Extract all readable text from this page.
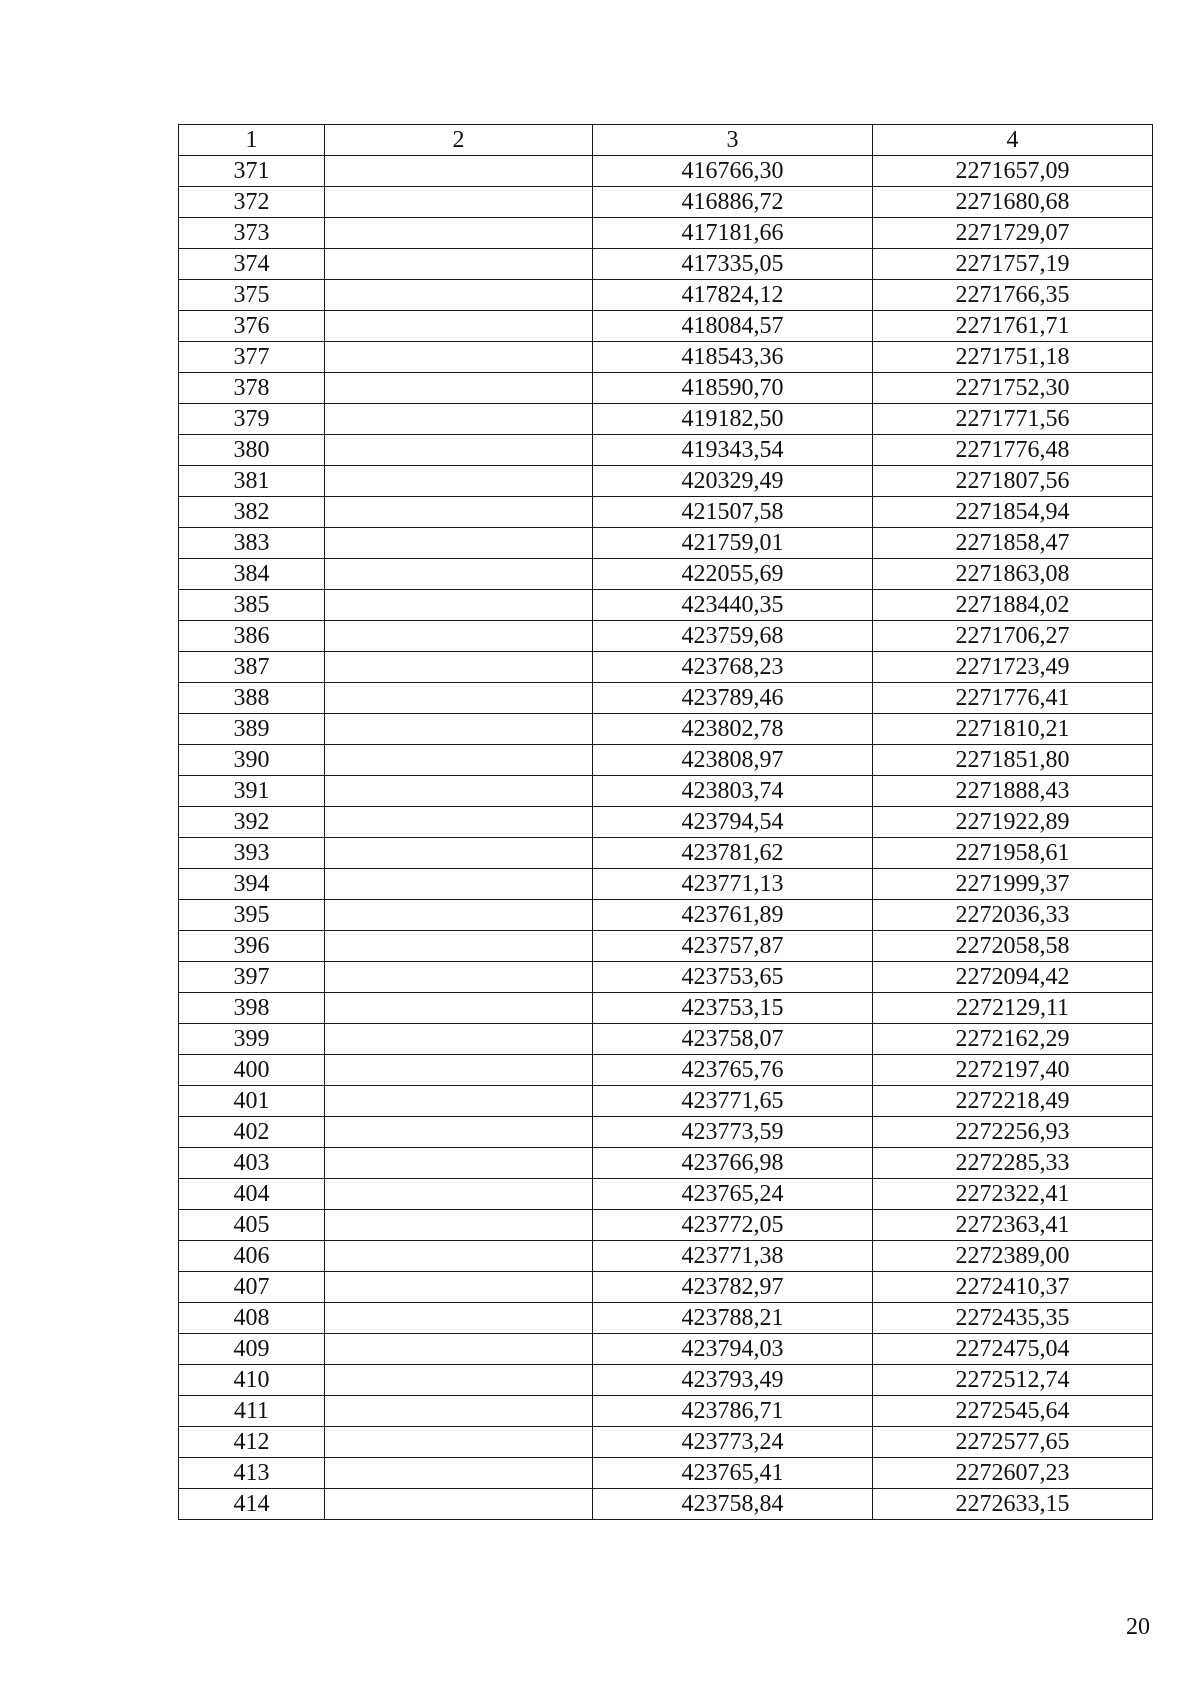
1	2	3	4
371		416766,30	2271657,09
372		416886,72	2271680,68
373		417181,66	2271729,07
374		417335,05	2271757,19
375		417824,12	2271766,35
376		418084,57	2271761,71
377		418543,36	2271751,18
378		418590,70	2271752,30
379		419182,50	2271771,56
380		419343,54	2271776,48
381		420329,49	2271807,56
382		421507,58	2271854,94
383		421759,01	2271858,47
384		422055,69	2271863,08
385		423440,35	2271884,02
386		423759,68	2271706,27
387		423768,23	2271723,49
388		423789,46	2271776,41
389		423802,78	2271810,21
390		423808,97	2271851,80
391		423803,74	2271888,43
392		423794,54	2271922,89
393		423781,62	2271958,61
394		423771,13	2271999,37
395		423761,89	2272036,33
396		423757,87	2272058,58
397		423753,65	2272094,42
398		423753,15	2272129,11
399		423758,07	2272162,29
400		423765,76	2272197,40
401		423771,65	2272218,49
402		423773,59	2272256,93
403		423766,98	2272285,33
404		423765,24	2272322,41
405		423772,05	2272363,41
406		423771,38	2272389,00
407		423782,97	2272410,37
408		423788,21	2272435,35
409		423794,03	2272475,04
410		423793,49	2272512,74
411		423786,71	2272545,64
412		423773,24	2272577,65
413		423765,41	2272607,23
414		423758,84	2272633,15
20
